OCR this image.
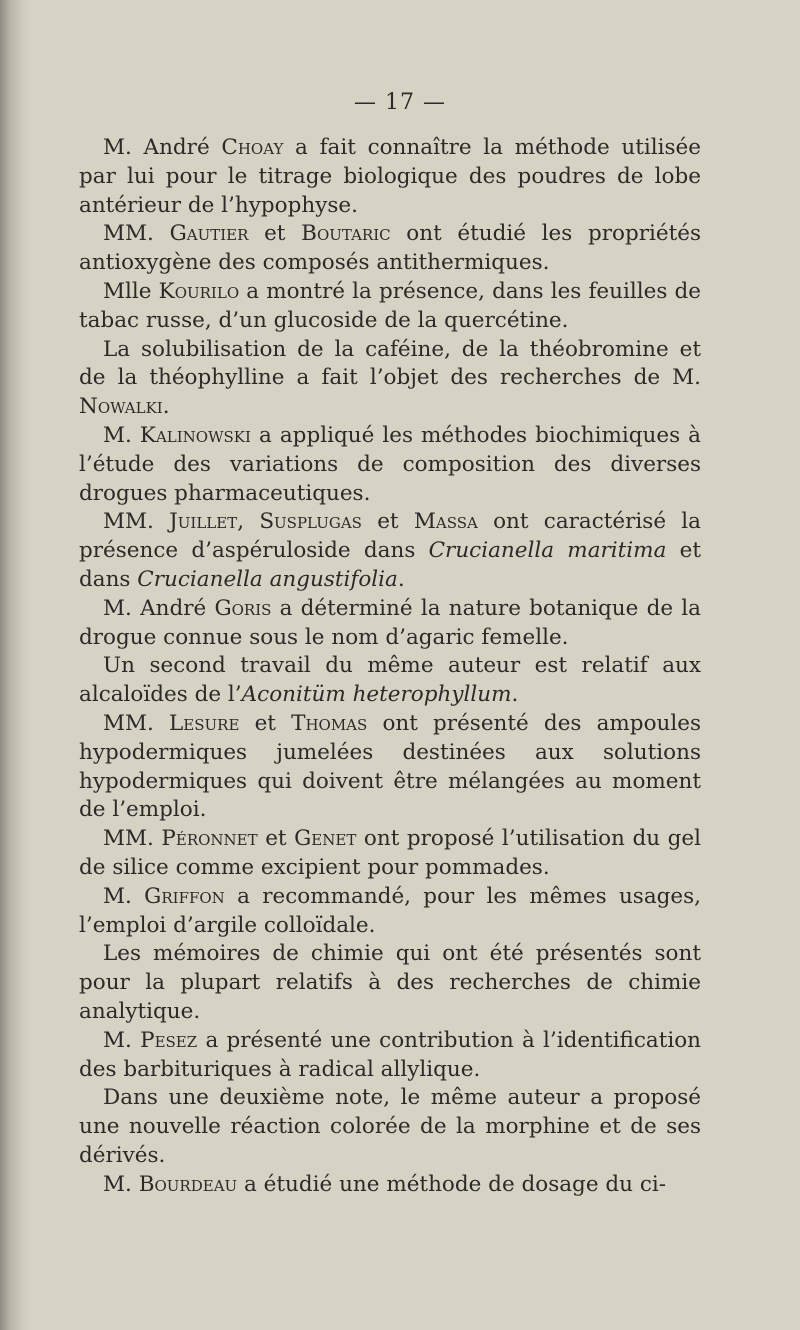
— 17 —

M. André Choay a fait connaître la méthode utilisée par lui pour le titrage biologique des poudres de lobe antérieur de l’hypophyse.

MM. Gautier et Boutaric ont étudié les propriétés antioxygène des composés antithermiques.

Mlle Kourilo a montré la présence, dans les feuilles de tabac russe, d’un glucoside de la quercétine.

La solubilisation de la caféine, de la théobromine et de la théophylline a fait l’objet des recherches de M. Nowalki.

M. Kalinowski a appliqué les méthodes biochimiques à l’étude des variations de composition des diverses drogues pharmaceutiques.

MM. Juillet, Susplugas et Massa ont caractérisé la présence d’aspéruloside dans Crucianella maritima et dans Crucianella angustifolia.

M. André Goris a déterminé la nature botanique de la drogue connue sous le nom d’agaric femelle.

Un second travail du même auteur est relatif aux alcaloïdes de l’Aconitüm heterophyllum.

MM. Lesure et Thomas ont présenté des ampoules hypodermiques jumelées destinées aux solutions hypodermiques qui doivent être mélangées au moment de l’emploi.

MM. Péronnet et Genet ont proposé l’utilisation du gel de silice comme excipient pour pommades.

M. Griffon a recommandé, pour les mêmes usages, l’emploi d’argile colloïdale.

Les mémoires de chimie qui ont été présentés sont pour la plupart relatifs à des recherches de chimie analytique.

M. Pesez a présenté une contribution à l’identification des barbituriques à radical allylique.

Dans une deuxième note, le même auteur a proposé une nouvelle réaction colorée de la morphine et de ses dérivés.

M. Bourdeau a étudié une méthode de dosage du ci-
